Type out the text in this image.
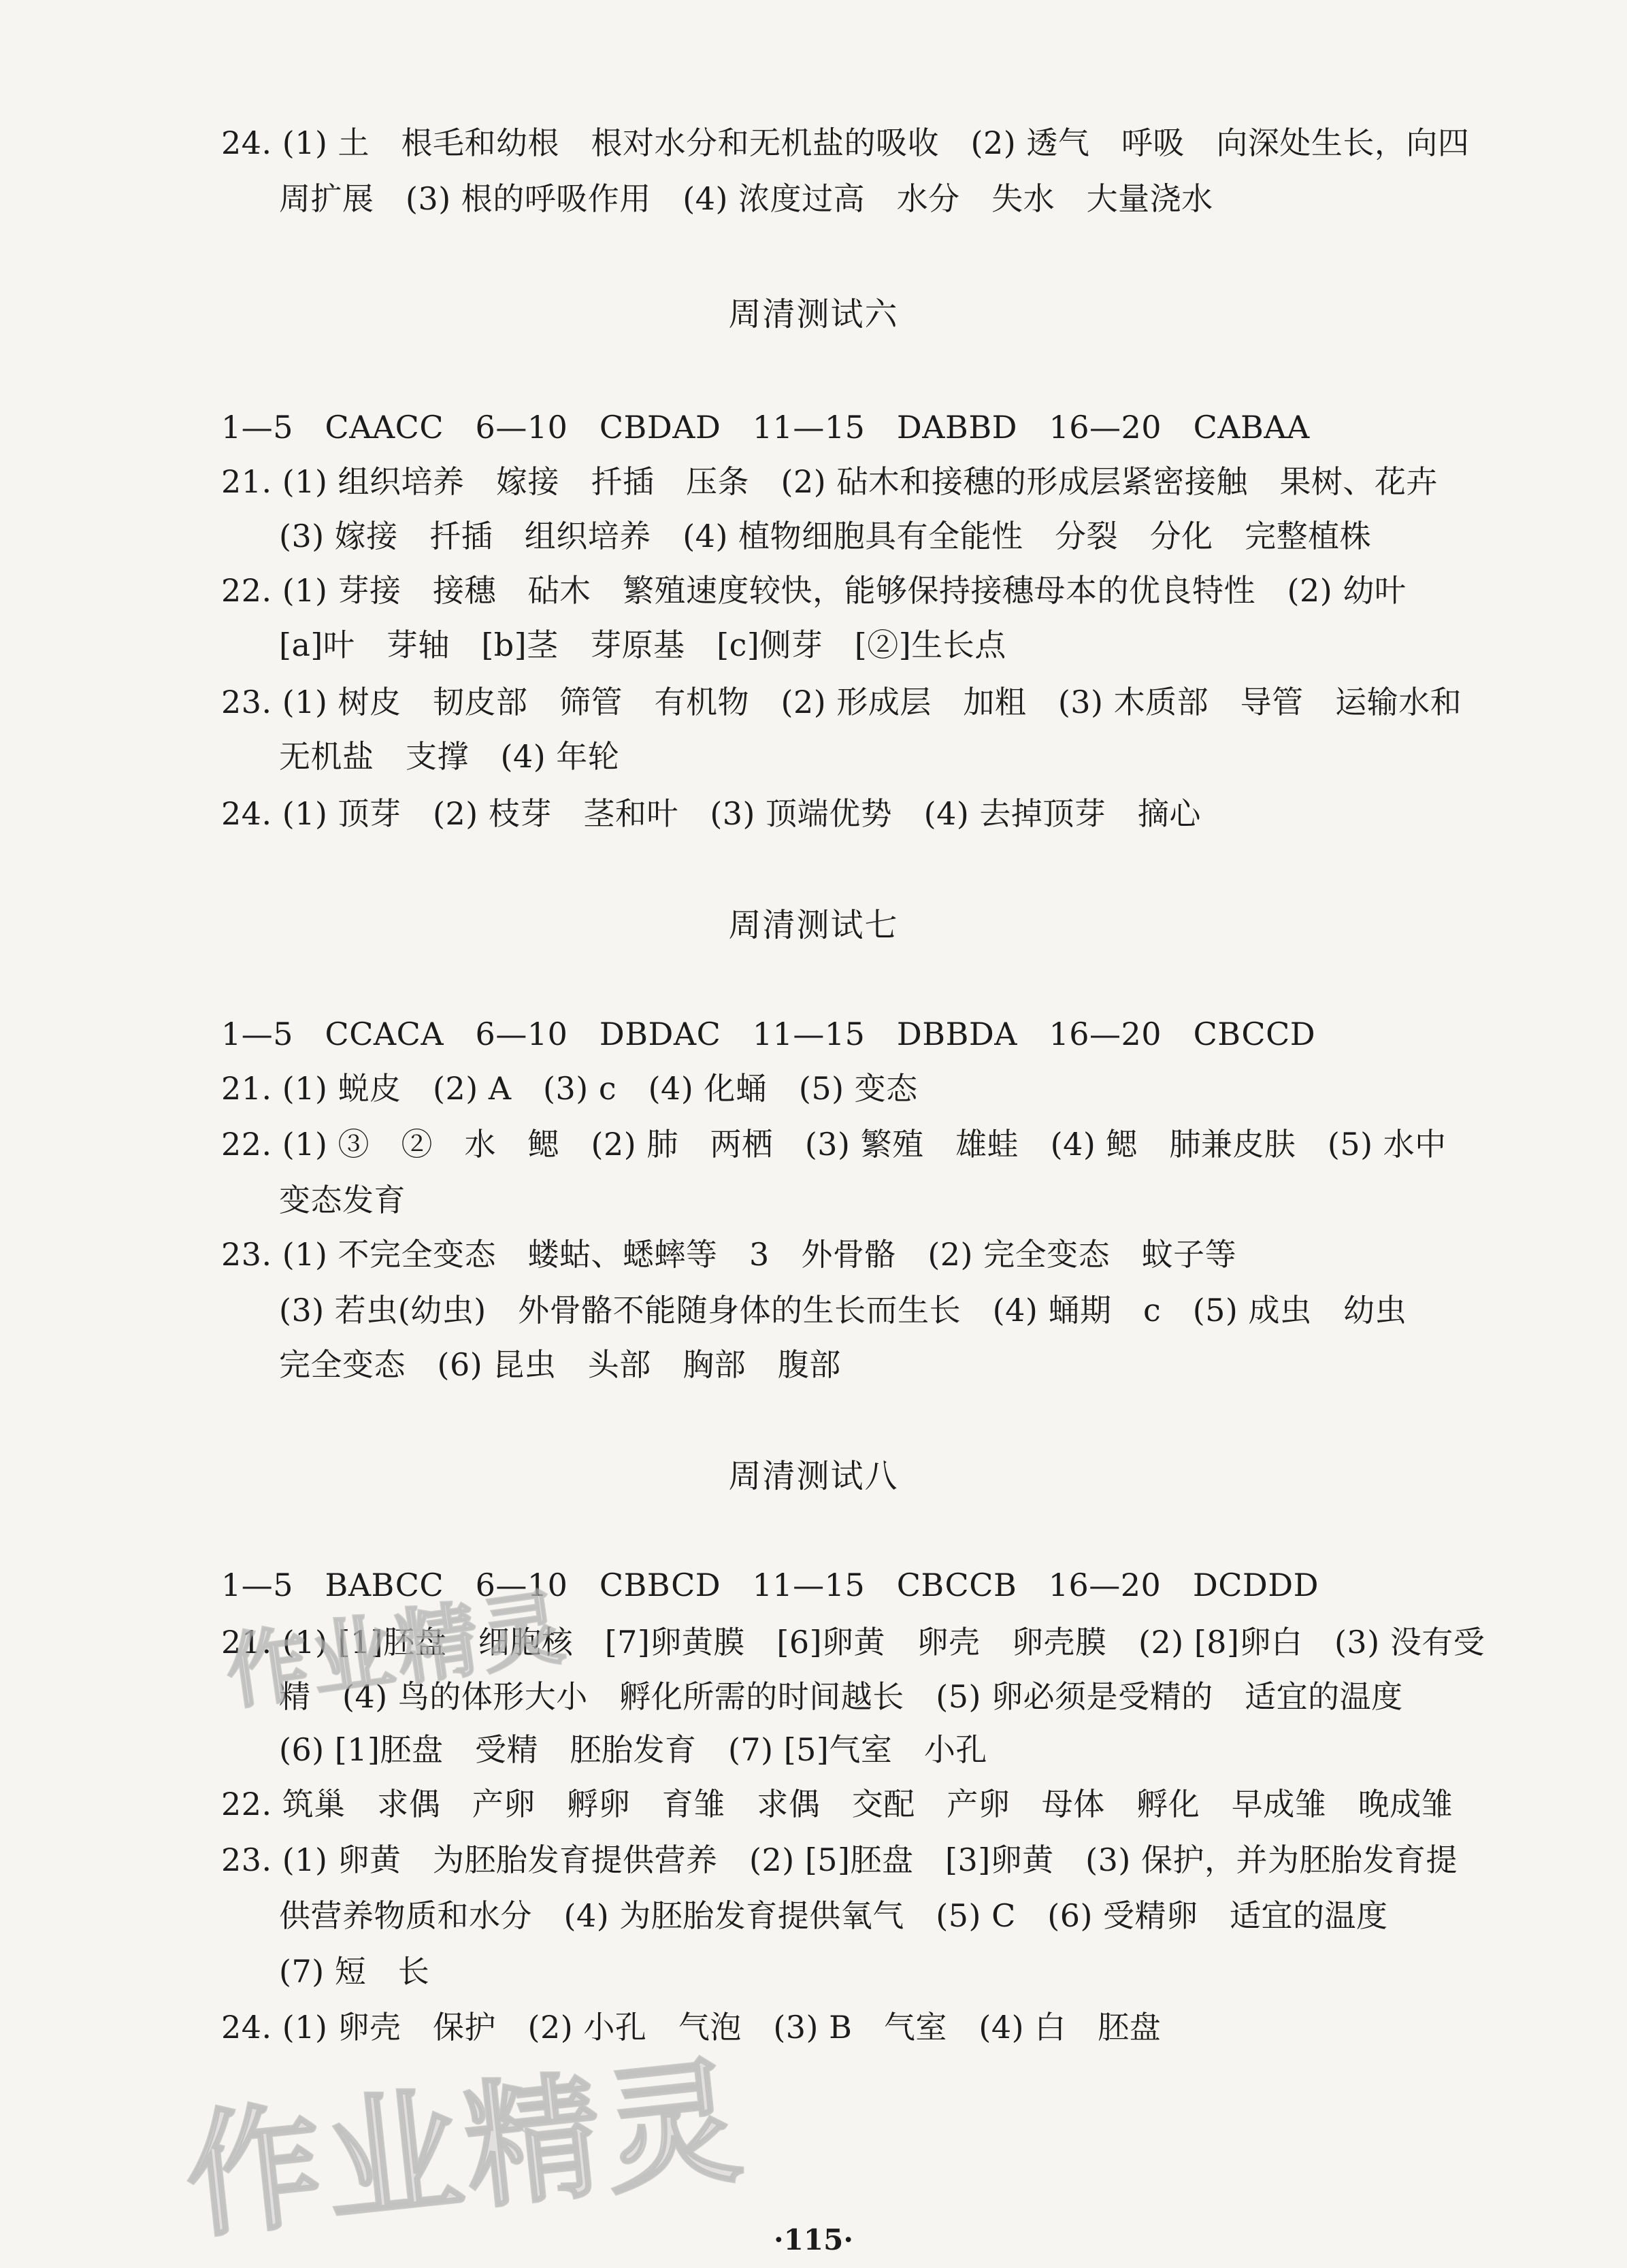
24. (1) 土　根毛和幼根　根对水分和无机盐的吸收　(2) 透气　呼吸　向深处生长，向四
周扩展　(3) 根的呼吸作用　(4) 浓度过高　水分　失水　大量浇水
周清测试六
1—5　CAACC　6—10　CBDAD　11—15　DABBD　16—20　CABAA
21. (1) 组织培养　嫁接　扦插　压条　(2) 砧木和接穗的形成层紧密接触　果树、花卉
(3) 嫁接　扦插　组织培养　(4) 植物细胞具有全能性　分裂　分化　完整植株
22. (1) 芽接　接穗　砧木　繁殖速度较快，能够保持接穗母本的优良特性　(2) 幼叶
[a]叶　芽轴　[b]茎　芽原基　[c]侧芽　[②]生长点
23. (1) 树皮　韧皮部　筛管　有机物　(2) 形成层　加粗　(3) 木质部　导管　运输水和
无机盐　支撑　(4) 年轮
24. (1) 顶芽　(2) 枝芽　茎和叶　(3) 顶端优势　(4) 去掉顶芽　摘心
周清测试七
1—5　CCACA　6—10　DBDAC　11—15　DBBDA　16—20　CBCCD
21. (1) 蜕皮　(2) A　(3) c　(4) 化蛹　(5) 变态
22. (1) ③　②　水　鳃　(2) 肺　两栖　(3) 繁殖　雄蛙　(4) 鳃　肺兼皮肤　(5) 水中
变态发育
23. (1) 不完全变态　蝼蛄、蟋蟀等　3　外骨骼　(2) 完全变态　蚊子等
(3) 若虫(幼虫)　外骨骼不能随身体的生长而生长　(4) 蛹期　c　(5) 成虫　幼虫
完全变态　(6) 昆虫　头部　胸部　腹部
周清测试八
1—5　BABCC　6—10　CBBCD　11—15　CBCCB　16—20　DCDDD
21. (1) [1]胚盘　细胞核　[7]卵黄膜　[6]卵黄　卵壳　卵壳膜　(2) [8]卵白　(3) 没有受
精　(4) 鸟的体形大小　孵化所需的时间越长　(5) 卵必须是受精的　适宜的温度
(6) [1]胚盘　受精　胚胎发育　(7) [5]气室　小孔
22. 筑巢　求偶　产卵　孵卵　育雏　求偶　交配　产卵　母体　孵化　早成雏　晚成雏
23. (1) 卵黄　为胚胎发育提供营养　(2) [5]胚盘　[3]卵黄　(3) 保护，并为胚胎发育提
供营养物质和水分　(4) 为胚胎发育提供氧气　(5) C　(6) 受精卵　适宜的温度
(7) 短　长
24. (1) 卵壳　保护　(2) 小孔　气泡　(3) B　气室　(4) 白　胚盘
作业精灵
作业精灵 ·115·
